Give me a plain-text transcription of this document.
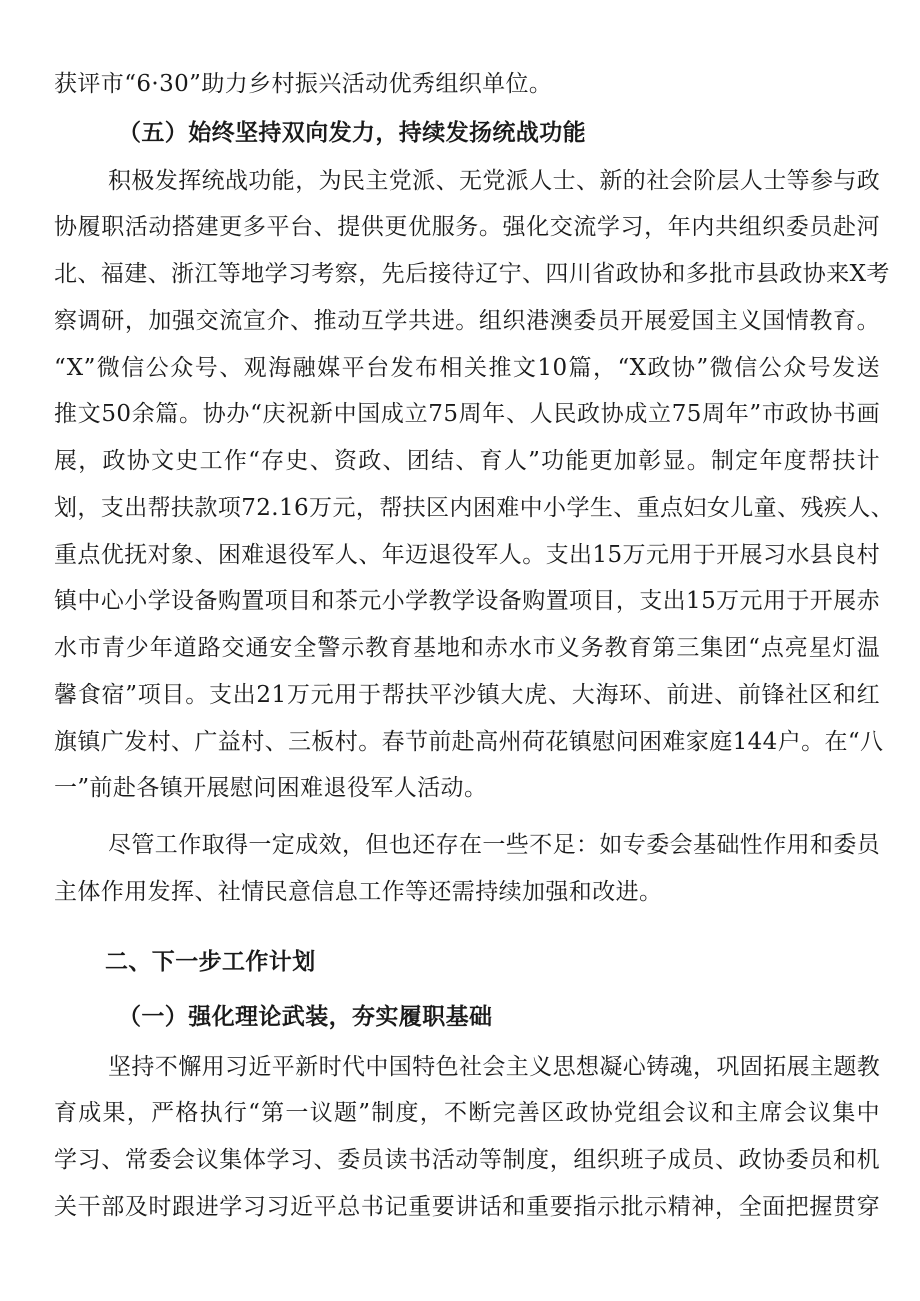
获评市“6·30”助力乡村振兴活动优秀组织单位。
（五）始终坚持双向发力，持续发扬统战功能
积极发挥统战功能，为民主党派、无党派人士、新的社会阶层人士等参与政
协履职活动搭建更多平台、提供更优服务。强化交流学习，年内共组织委员赴河
北、福建、浙江等地学习考察，先后接待辽宁、四川省政协和多批市县政协来X考
察调研，加强交流宣介、推动互学共进。组织港澳委员开展爱国主义国情教育。
“X”微信公众号、观海融媒平台发布相关推文10篇，“X政协”微信公众号发送
推文50余篇。协办“庆祝新中国成立75周年、人民政协成立75周年”市政协书画
展，政协文史工作“存史、资政、团结、育人”功能更加彰显。制定年度帮扶计
划，支出帮扶款项72.16万元，帮扶区内困难中小学生、重点妇女儿童、残疾人、
重点优抚对象、困难退役军人、年迈退役军人。支出15万元用于开展习水县良村
镇中心小学设备购置项目和茶元小学教学设备购置项目，支出15万元用于开展赤
水市青少年道路交通安全警示教育基地和赤水市义务教育第三集团“点亮星灯温
馨食宿”项目。支出21万元用于帮扶平沙镇大虎、大海环、前进、前锋社区和红
旗镇广发村、广益村、三板村。春节前赴高州荷花镇慰问困难家庭144户。在“八
一”前赴各镇开展慰问困难退役军人活动。
尽管工作取得一定成效，但也还存在一些不足：如专委会基础性作用和委员
主体作用发挥、社情民意信息工作等还需持续加强和改进。
二、下一步工作计划
（一）强化理论武装，夯实履职基础
坚持不懈用习近平新时代中国特色社会主义思想凝心铸魂，巩固拓展主题教
育成果，严格执行“第一议题”制度，不断完善区政协党组会议和主席会议集中
学习、常委会议集体学习、委员读书活动等制度，组织班子成员、政协委员和机
关干部及时跟进学习习近平总书记重要讲话和重要指示批示精神，全面把握贯穿
